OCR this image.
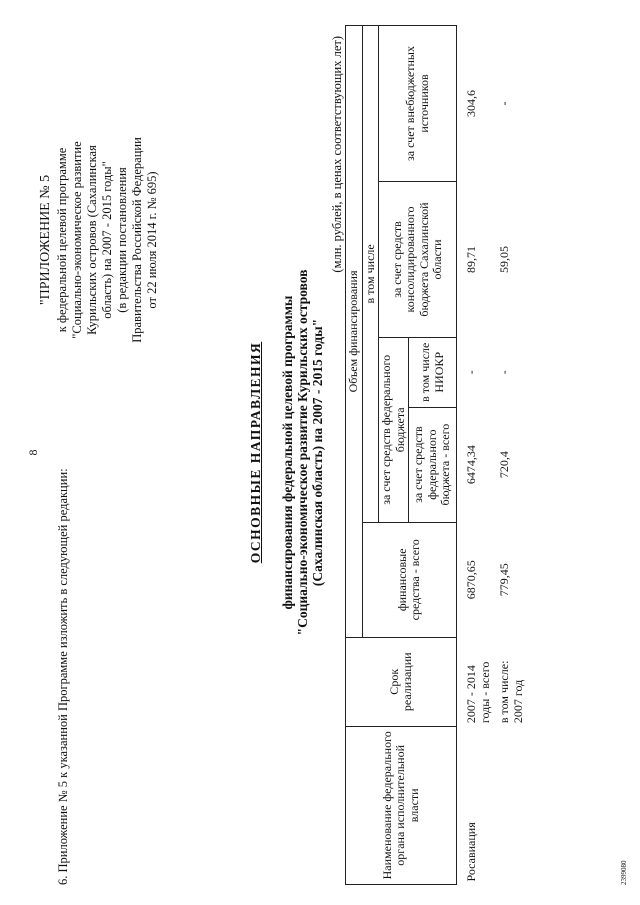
8
6. Приложение № 5 к указанной Программе изложить в следующей редакции:
"ПРИЛОЖЕНИЕ № 5 к федеральной целевой программе "Социально-экономическое развитие Курильских островов (Сахалинская область) на 2007 - 2015 годы" (в редакции постановления Правительства Российской Федерации от 22 июля 2014 г. № 695)
ОСНОВНЫЕ НАПРАВЛЕНИЯ финансирования федеральной целевой программы "Социально-экономическое развитие Курильских островов (Сахалинская область) на 2007 - 2015 годы"
(млн. рублей, в ценах соответствующих лет)
Наименование федерального органа исполнительной власти	Срок реализации	Объем финансирования				
		финансовые средства - всего	в том числе			
			за счет средств федерального бюджета		за счет средств консолидированного бюджета Сахалинской области	за счет внебюджетных источников
			за счет средств федерального бюджета - всего	в том числе НИОКР		
Росавиация	2007 - 2014 годы - всего	6870,65	6474,34	-	89,71	304,6
	в том числе: 2007 год	779,45	720,4	-	59,05	-
2399080
